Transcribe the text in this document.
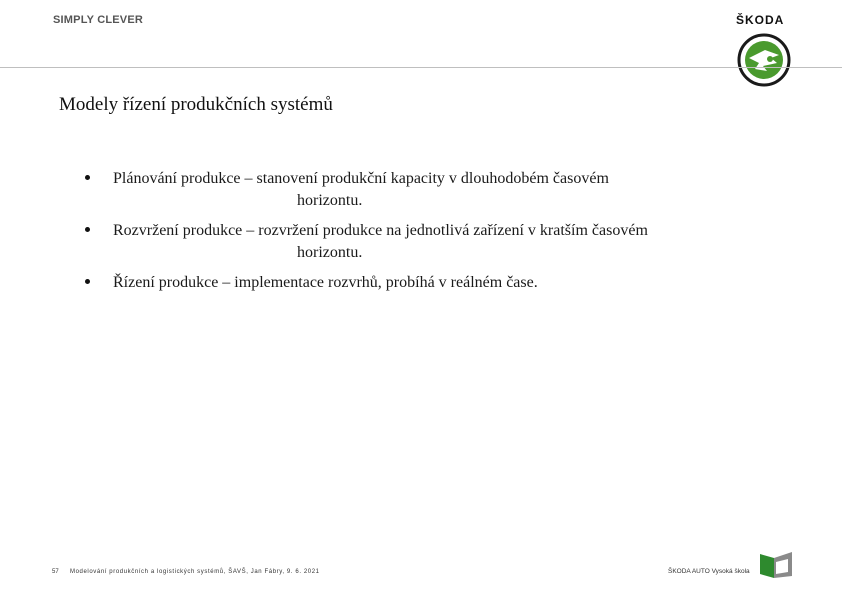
SIMPLY CLEVER	ŠKODA
Modely řízení produkčních systémů
Plánování produkce – stanovení produkční kapacity v dlouhodobém časovém
horizontu.
Rozvržení produkce – rozvržení produkce na jednotlivá zařízení v kratším časovém
horizontu.
Řízení produkce – implementace rozvrhů, probíhá v reálném čase.
57 Modelování produkčních a logistických systémů, ŠAVŠ, Jan Fábry, 9. 6. 2021	ŠKODA AUTO Vysoká škola
